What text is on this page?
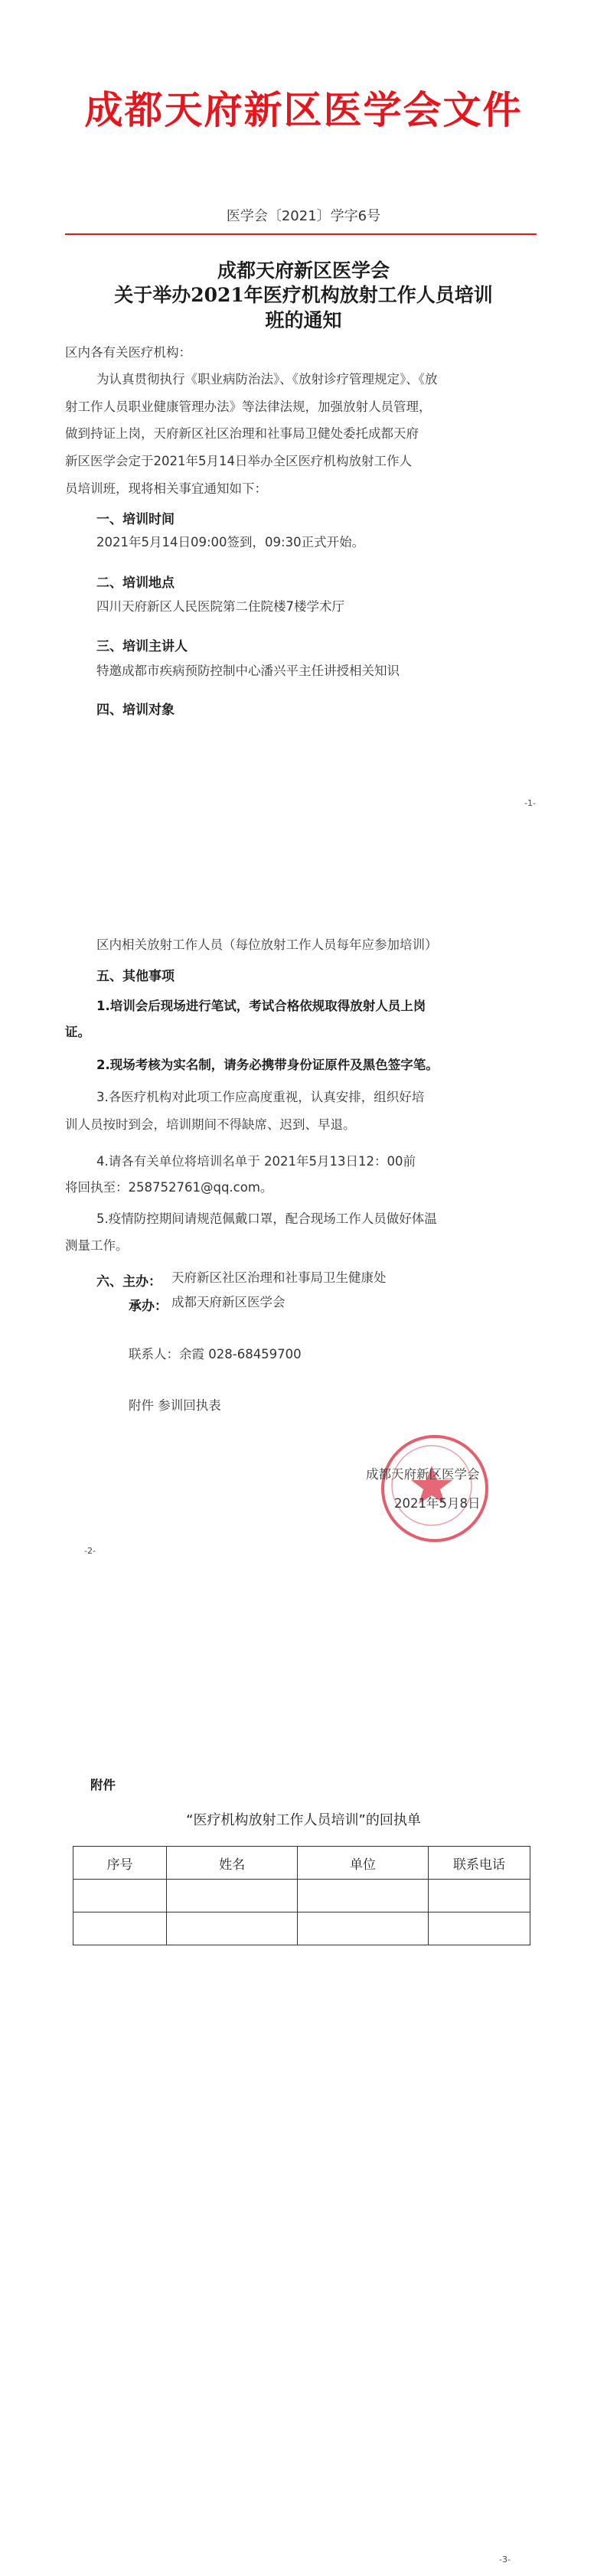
成都天府新区医学会文件
医学会〔2021〕学字6号
成都天府新区医学会
关于举办2021年医疗机构放射工作人员培训
班的通知
区内各有关医疗机构：
为认真贯彻执行《职业病防治法》、《放射诊疗管理规定》、《放
射工作人员职业健康管理办法》等法律法规，加强放射人员管理，
做到持证上岗，天府新区社区治理和社事局卫健处委托成都天府
新区医学会定于2021年5月14日举办全区医疗机构放射工作人
员培训班，现将相关事宜通知如下：
一、培训时间
2021年5月14日09:00签到，09:30正式开始。
二、培训地点
四川天府新区人民医院第二住院楼7楼学术厅
三、培训主讲人
特邀成都市疾病预防控制中心潘兴平主任讲授相关知识
四、培训对象
-1-
区内相关放射工作人员（每位放射工作人员每年应参加培训）
五、其他事项
1.培训会后现场进行笔试，考试合格依规取得放射人员上岗
证。
2.现场考核为实名制，请务必携带身份证原件及黑色签字笔。
3.各医疗机构对此项工作应高度重视，认真安排，组织好培
训人员按时到会，培训期间不得缺席、迟到、早退。
4.请各有关单位将培训名单于 2021年5月13日12：00前
将回执至：258752761@qq.com。
5.疫情防控期间请规范佩戴口罩，配合现场工作人员做好体温
测量工作。
六、主办： 天府新区社区治理和社事局卫生健康处
承办： 成都天府新区医学会
联系人：余霞 028-68459700
附件 参训回执表
成都天府新区医学会
2021年5月8日
-2-
附件
“医疗机构放射工作人员培训”的回执单
序号	姓名	单位	联系电话

-3-
